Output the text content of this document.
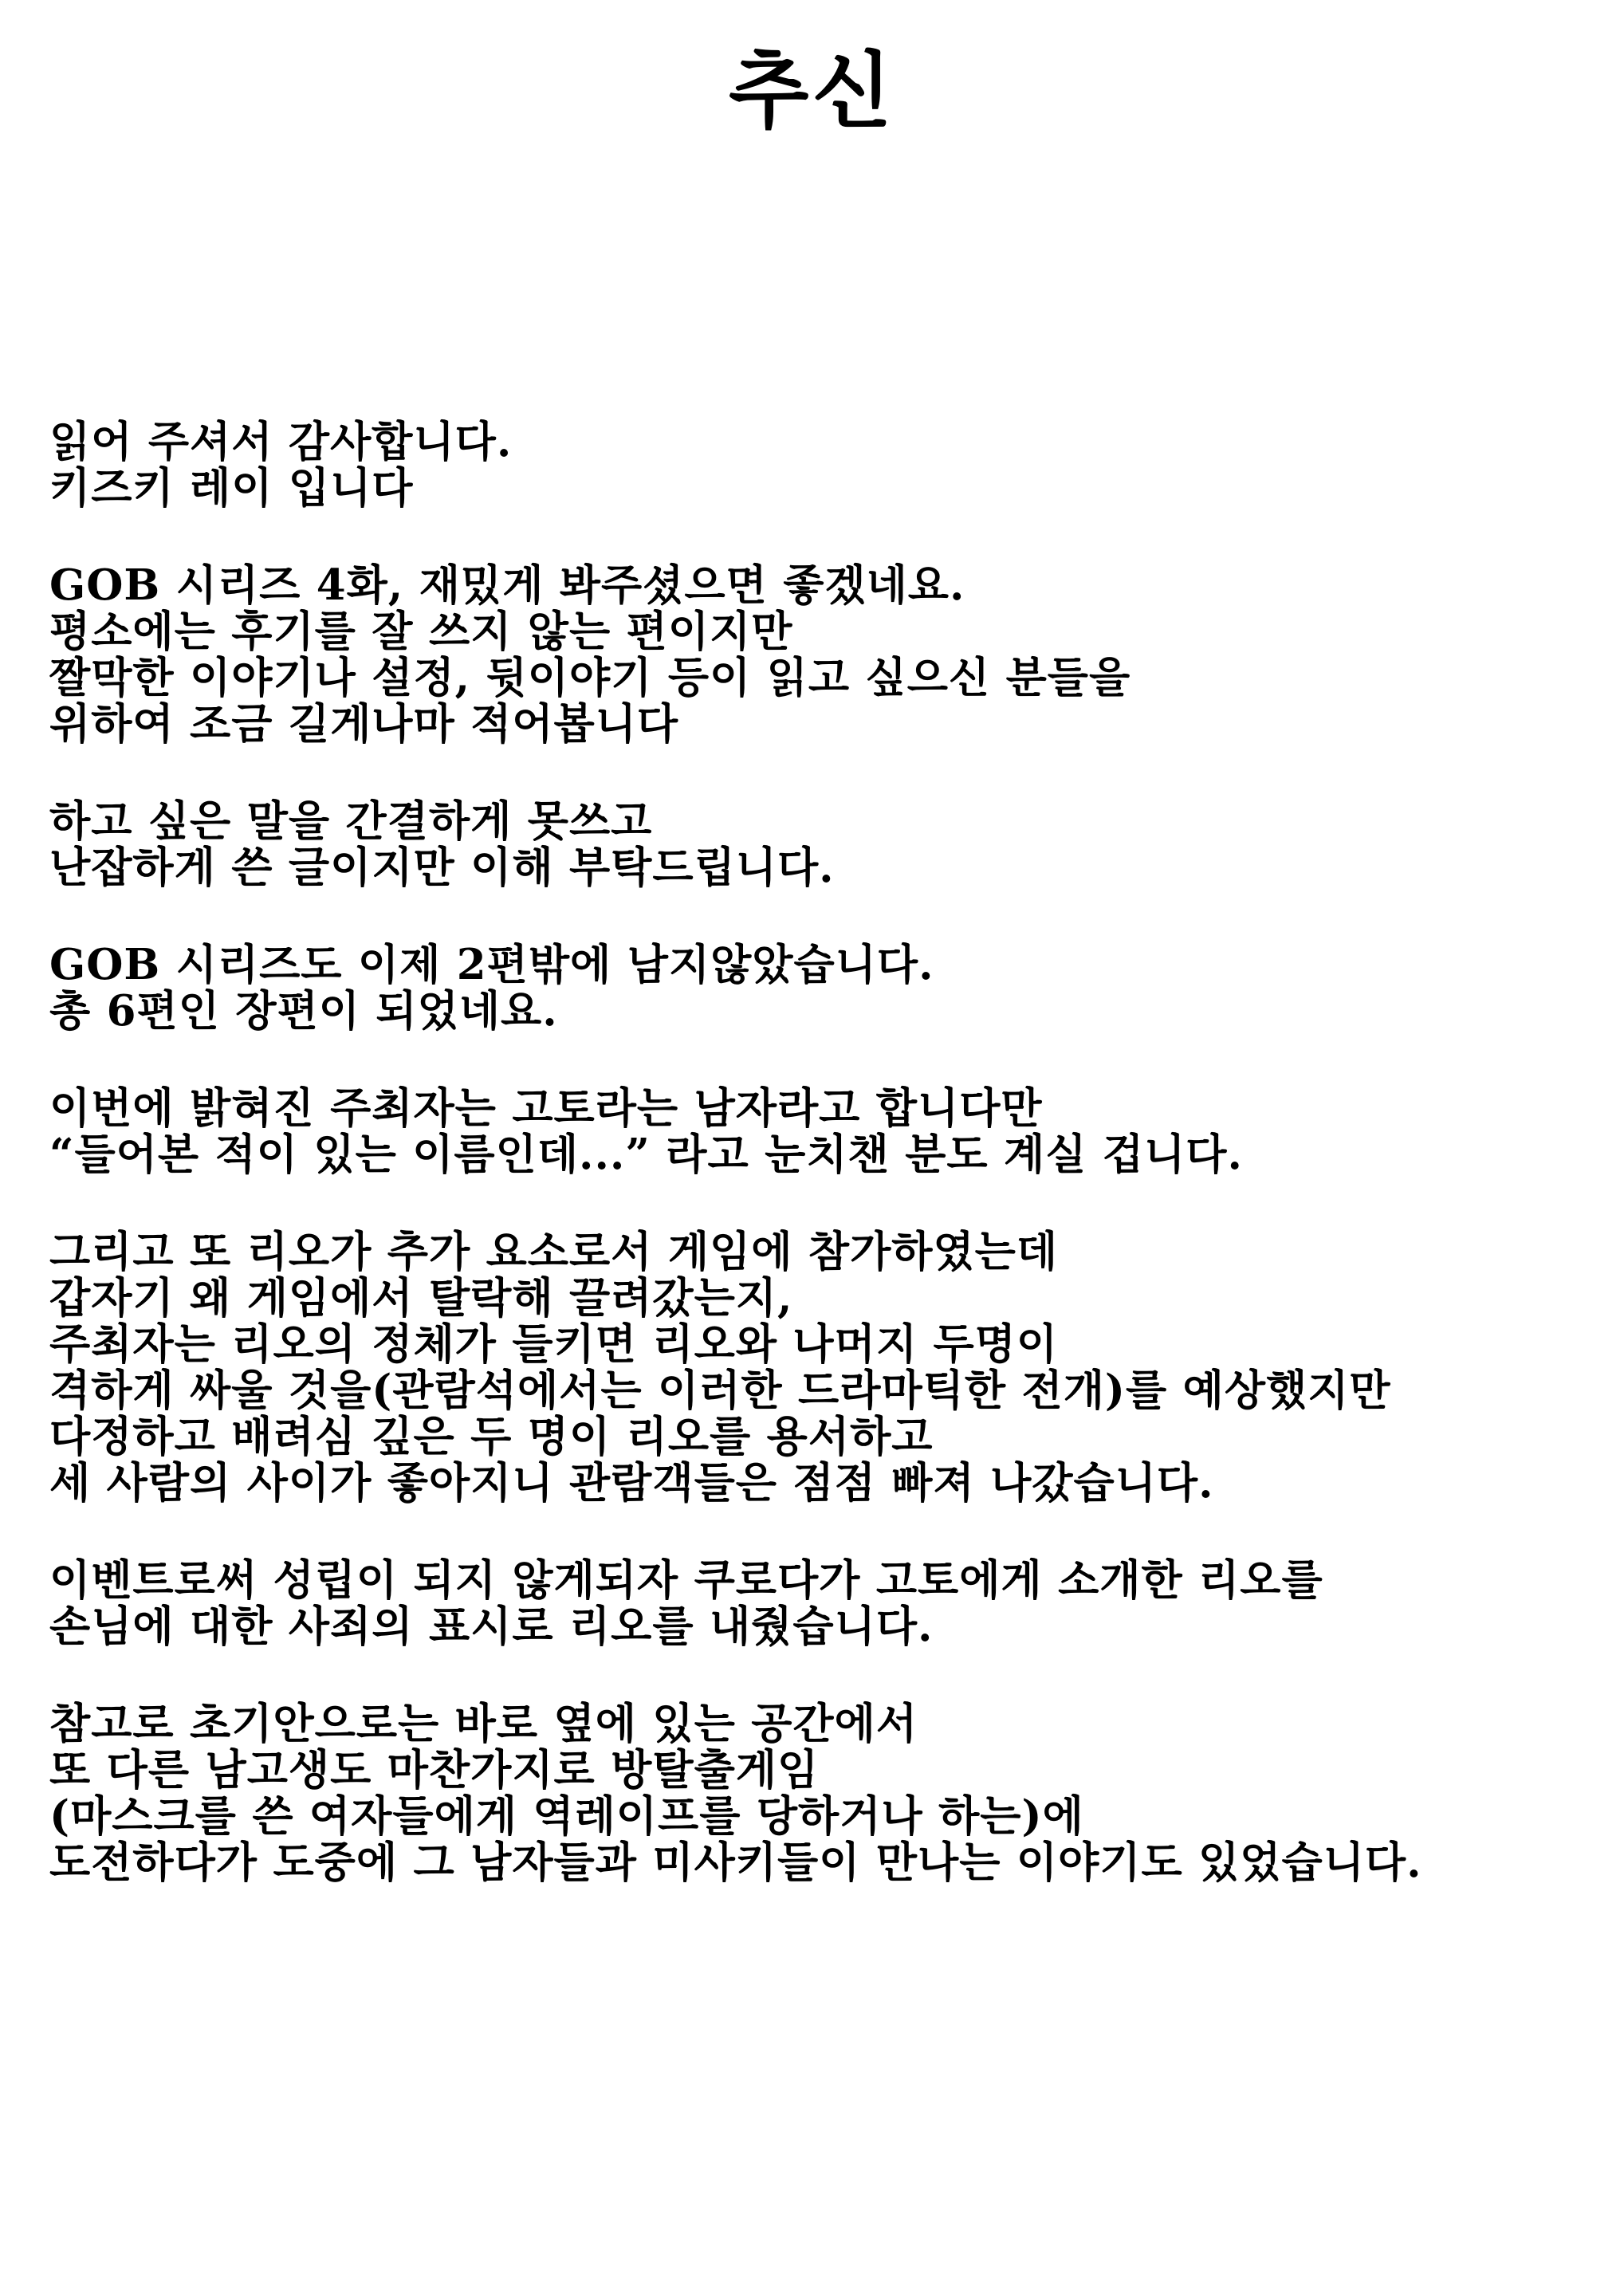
추신
읽어 주셔서 감사합니다.
키즈키 레이 입니다
GOB 시리즈 4화, 재밌게 봐주셨으면 좋겠네요.
평소에는 후기를 잘 쓰지 않는 편이지만
짤막한 이야기나 설정, 뒷이야기 등이 읽고 싶으신 분들을
위하여 조금 길게나마 적어봅니다
하고 싶은 말을 간결하게 못쓰고
난잡하게 쓴 글이지만 이해 부탁드립니다.
GOB 시리즈도 이제 2편밖에 남지않았습니다.
총 6편인 장편이 되었네요.
이번에 밝혀진 주최자는 고토라는 남자라고 합니다만
“들어본 적이 있는 이름인데...” 라고 눈치챈 분도 계실 겁니다.
그리고 또 리오가 추가 요소로서 게임에 참가하였는데
갑자기 왜 게임에서 탈락해 끌려갔는지,
주최자는 리오의 정체가 들키면 리오와 나머지 두명이
격하게 싸울 것을(관람석에서는 이러한 드라마틱한 전개)를 예상했지만
다정하고 배려심 깊은 두 명이 리오를 용서하고
세 사람의 사이가 좋아지니 관람객들은 점점 빠져 나갔습니다.
이벤트로써 성립이 되지 않게되자 쿠로다가 고토에게 소개한 리오를
손님에 대한 사죄의 표시로 리오를 내줬습니다.
참고로 초기안으로는 바로 옆에 있는 공간에서
또 다른 남고생도 마찬가지로 방탈출게임
(마스크를 쓴 여자들에게 역레이프를 당하거나 하는)에
도전하다가 도중에 그 남자들과 미사키들이 만나는 이야기도 있었습니다.
